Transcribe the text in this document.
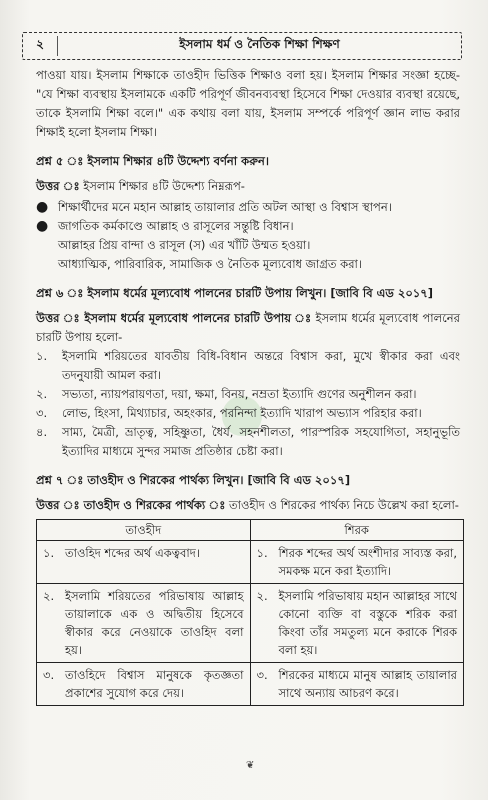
২	ইসলাম ধর্ম ও নৈতিক শিক্ষা শিক্ষণ

পাওয়া যায়। ইসলাম শিক্ষাকে তাওহীদ ভিত্তিক শিক্ষাও বলা হয়। ইসলাম শিক্ষার সংজ্ঞা হচ্ছে- "যে শিক্ষা ব্যবস্থায় ইসলামকে একটি পরিপূর্ণ জীবনব্যবস্থা হিসেবে শিক্ষা দেওয়ার ব্যবস্থা রয়েছে, তাকে ইসলামি শিক্ষা বলে।" এক কথায় বলা যায়, ইসলাম সম্পর্কে পরিপূর্ণ জ্ঞান লাভ করার শিক্ষাই হলো ইসলাম শিক্ষা।

প্রশ্ন ৫ ঃ ইসলাম শিক্ষার ৪টি উদ্দেশ্য বর্ণনা করুন।

উত্তর ঃ ইসলাম শিক্ষার ৪টি উদ্দেশ্য নিম্নরূপ-

● শিক্ষার্থীদের মনে মহান আল্লাহ তায়ালার প্রতি অটল আস্থা ও বিশ্বাস স্থাপন।
● জাগতিক কর্মকাণ্ডে আল্লাহ ও রাসূলের সন্তুষ্টি বিধান।
আল্লাহর প্রিয় বান্দা ও রাসূল (স) এর খাঁটি উম্মত হওয়া।
আধ্যাত্মিক, পারিবারিক, সামাজিক ও নৈতিক মূল্যবোধ জাগ্রত করা।

প্রশ্ন ৬ ঃ ইসলাম ধর্মের মূল্যবোধ পালনের চারটি উপায় লিখুন। [জাবি বি এড ২০১৭]

উত্তর ঃ ইসলাম ধর্মের মূল্যবোধ পালনের চারটি উপায় ঃ ইসলাম ধর্মের মূল্যবোধ পালনের চারটি উপায় হলো-

১. ইসলামি শরিয়তের যাবতীয় বিধি-বিধান অন্তরে বিশ্বাস করা, মুখে স্বীকার করা এবং তদনুযায়ী আমল করা।
২. সভ্যতা, ন্যায়পরায়ণতা, দয়া, ক্ষমা, বিনয়, নম্রতা ইত্যাদি গুণের অনুশীলন করা।
৩. লোভ, হিংসা, মিথ্যাচার, অহংকার, পরনিন্দা ইত্যাদি খারাপ অভ্যাস পরিহার করা।
৪. সাম্য, মৈত্রী, ভ্রাতৃত্ব, সহিষ্ণুতা, ধৈর্য, সহনশীলতা, পারস্পরিক সহযোগিতা, সহানুভূতি ইত্যাদির মাধ্যমে সুন্দর সমাজ প্রতিষ্ঠার চেষ্টা করা।

প্রশ্ন ৭ ঃ তাওহীদ ও শিরকের পার্থক্য লিখুন। [জাবি বি এড ২০১৭]

উত্তর ঃ তাওহীদ ও শিরকের পার্থক্য ঃ তাওহীদ ও শিরকের পার্থক্য নিচে উল্লেখ করা হলো-

তাওহীদ	শিরক

১. তাওহিদ শব্দের অর্থ একত্ববাদ।	১. শিরক শব্দের অর্থ অংশীদার সাব্যস্ত করা, সমকক্ষ মনে করা ইত্যাদি।

২. ইসলামি শরিয়তের পরিভাষায় আল্লাহ তায়ালাকে এক ও অদ্বিতীয় হিসেবে স্বীকার করে নেওয়াকে তাওহিদ বলা হয়।	২. ইসলামি পরিভাষায় মহান আল্লাহর সাথে কোনো ব্যক্তি বা বস্তুকে শরিক করা কিংবা তাঁর সমতুল্য মনে করাকে শিরক বলা হয়।

৩. তাওহিদে বিশ্বাস মানুষকে কৃতজ্ঞতা প্রকাশের সুযোগ করে দেয়।	৩. শিরকের মাধ্যমে মানুষ আল্লাহ তায়ালার সাথে অন্যায় আচরণ করে।
❦
